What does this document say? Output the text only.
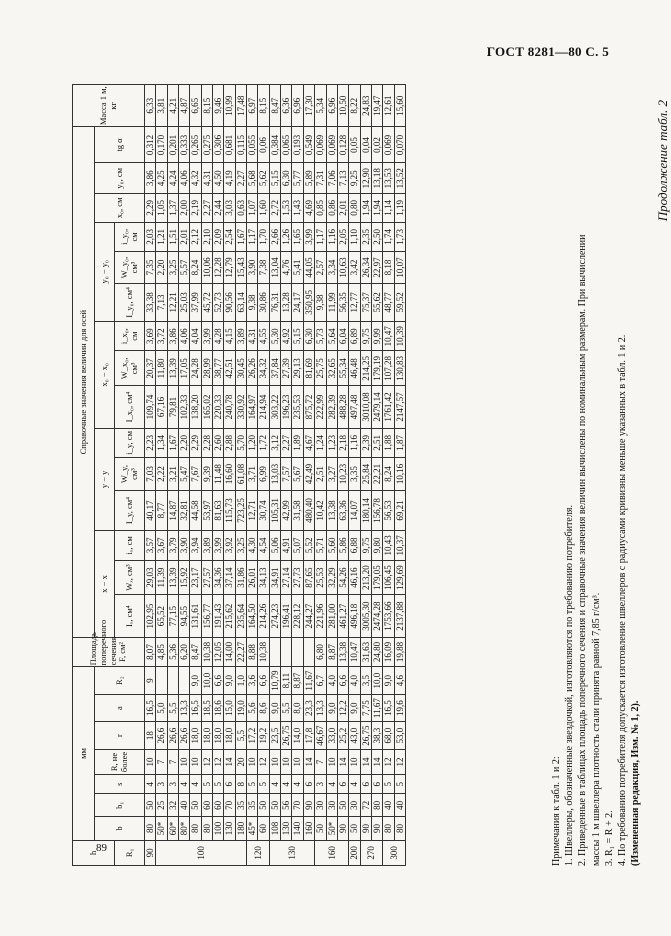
ГОСТ 8281—80 С. 5
Продолжение табл. 2
h	мм							Площадь поперечного сечения F, см²	Справочные значения величин для осей															Масса 1 м, кг
	b	b₁	s	R, не более	r	a	R₂		x − x			y − y			x₀ − x₀			y₀ − y₀			x₀, см	y₀, см	tg α	
R₁									Iₓ, см⁴	Wₓ, см³	iₓ, см	I_y, см⁴	W_y, см³	i_y, см	I_x₀, см⁴	W_x₀, см³	i_x₀, см	I_y₀, см⁴	W_y₀, см³	i_y₀, см				
90	80	50	4	10	18	16,5	9	8,07	102,95	29,03	3,57	40,17	7,03	2,23	109,74	20,37	3,69	33,38	7,35	2,03	2,29	3,86	0,312	6,33
100	50*	25	3	7	26,6	5,0		4,85	65,52	11,39	3,67	8,77	2,22	1,34	67,16	11,80	3,72	7,13	2,20	1,21	1,05	4,25	0,170	3,81
	60*	32	3	7	26,6	5,5		5,36	77,15	13,39	3,79	14,87	3,21	1,67	79,81	13,39	3,86	12,21	3,25	1,51	1,37	4,24	0,201	4,21
	80*	40	4	10	26,6	13,3		6,20	94,55	15,92	3,90	32,81	5,47	2,20	102,33	17,05	4,06	25,03	5,57	2,01	2,00	4,06	0,333	4,87
	80	50	4	10	18,0	16,5	9,0	8,47	131,61	23,17	3,94	44,58	7,67	2,29	138,20	24,28	4,04	37,99	8,24	2,12	2,19	4,32	0,265	6,65
	80	60	5	12	18,0	18,5	10,0	10,38	156,77	27,57	3,89	53,97	9,39	2,28	165,02	28,99	3,99	45,72	10,06	2,10	2,27	4,31	0,275	8,15
	100	60	5	12	18,0	18,6	6,6	12,05	191,43	34,36	3,99	81,63	11,48	2,60	220,33	38,77	4,28	52,73	12,28	2,09	2,44	4,50	0,306	9,46
	130	70	6	14	18,0	15,0	9,0	14,00	215,62	37,14	3,92	115,73	16,60	2,88	240,78	42,51	4,15	90,56	12,79	2,54	3,03	4,19	0,681	10,99
	180	35	8	20	5,5	19,0	1,0	22,27	235,64	31,86	3,25	723,25	61,08	5,70	330,92	30,45	3,89	63,14	15,43	1,67	0,63	2,27	0,115	17,48
120	45*	35	5	10	17,2	5,6	3,6	8,88	164,50	26,01	4,30	12,71	3,71	1,20	164,97	26,26	4,31	9,38	3,90	1,17	1,07	5,68	0,055	6,97
	60	50	5	12	19,2	8,6	6,6	10,38	214,26	34,13	4,54	30,74	6,99	1,72	214,94	34,32	4,55	30,86	7,38	1,70	1,60	5,62	0,06	8,15
130	108	50	4	10	23,5	9,0	10,79		274,23	34,91	5,06	105,31	13,03	3,12	303,22	37,84	5,30	76,31	13,04	2,66	2,72	5,15	0,384	8,47
	130	56	4	10	26,75	5,5	8,11		196,41	27,14	4,91	42,99	7,57	2,27	196,23	27,39	4,92	13,28	4,76	1,26	1,53	6,30	0,065	6,36
	140	70	4	10	14,0	8,0	8,87		228,12	27,73	5,07	31,58	5,67	1,89	235,53	29,13	5,15	24,17	5,41	1,65	1,43	5,77	0,193	6,96
	160	90	6	14	17,8	23,3	11,67		244,27	87,65	5,52	480,40	42,49	4,67	875,72	81,69	6,30	350,95	44,05	3,99	4,69	5,89	0,549	17,30
160	50	30	3	7	46,67	13,3	6,7	6,80	221,96	25,53	5,71	10,42	2,51	1,24	222,99	25,75	5,73	9,38	2,57	1,17	0,85	7,31	0,069	5,34
	50*	30	4	10	33,0	9,0	4,0	8,87	281,00	32,29	5,60	13,38	3,27	1,23	282,39	32,65	5,64	11,99	3,34	1,16	0,86	7,06	0,069	6,96
	90	50	6	14	25,2	12,2	6,6	13,38	461,27	54,26	5,86	63,36	10,23	2,18	488,28	55,34	6,04	56,35	10,63	2,05	2,01	7,13	0,128	10,50
200	50	30	4	10	43,0	9,0	4,0	10,47	496,18	46,16	6,88	14,07	3,35	1,16	497,48	46,48	6,89	12,77	3,42	1,10	0,80	9,25	0,05	8,22
270	90	72	6	14	26,75	7,75	3,5	31,63	3005,30	213,20	9,75	180,14	25,84	2,39	3010,08	214,25	9,75	75,37	26,34	2,35	1,94	12,90	0,04	24,83
	90	80	6	14	38,3	11,67	10,0	24,80	2474,28	179,05	9,80	156,78	22,21	2,51	2479,14	179,19	9,99	55,62	22,97	2,50	1,94	13,18	0,02	19,47
300	80	40	5	12	68,0	16,5	9,0	16,09	1753,66	106,45	10,43	56,53	8,24	1,88	1761,42	107,28	10,47	48,77	8,18	1,74	1,14	13,53	0,069	12,61
	80	40	5	12	53,0	19,6	4,6	19,88	2137,88	129,69	10,37	69,21	10,16	1,87	2147,57	130,83	10,39	59,52	10,07	1,73	1,19	13,52	0,070	15,60
Примечания к табл. 1 и 2: 1. Швеллеры, обозначенные звездочкой, изготовляются по требованию потребителя. 2. Приведенные в таблицах площадь поперечного сечения и справочные значения величин вычислены по номинальным размерам. При вычислении массы 1 м швеллера плотность стали принята равной 7,85 г/см³. 3. R₁ = R + 2. 4. По требованию потребителя допускается изготовление швеллеров с радиусами кривизны меньше указанных в табл. 1 и 2. (Измененная редакция, Изм. № 1, 2).
89
